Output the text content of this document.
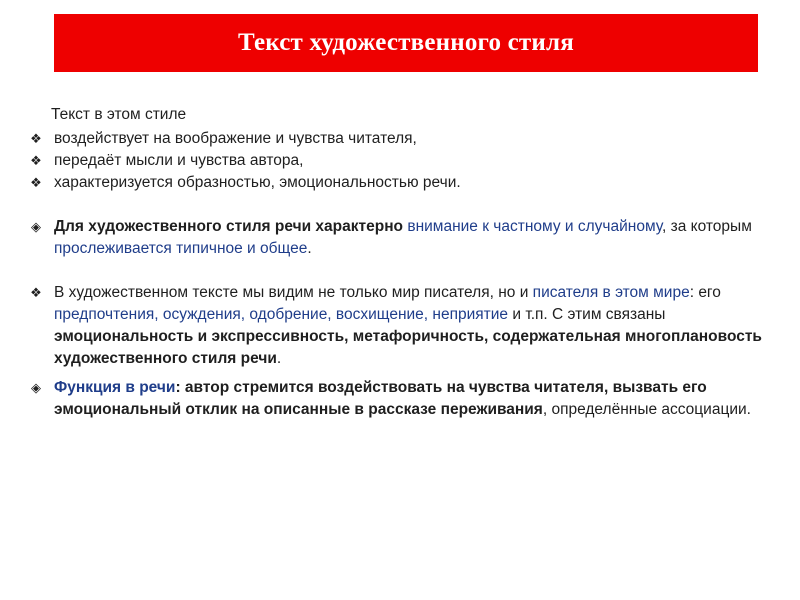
Текст художественного стиля
Текст в этом стиле
❖ воздействует на воображение и чувства читателя,
❖ передаёт мысли и чувства автора,
❖ характеризуется образностью, эмоциональностью речи.
◈ Для художественного стиля речи характерно внимание к частному и случайному, за которым прослеживается типичное и общее.
❖ В художественном тексте мы видим не только мир писателя, но и писателя в этом мире: его предпочтения, осуждения, одобрение, восхищение, неприятие и т.п. С этим связаны эмоциональность и экспрессивность, метафоричность, содержательная многоплановость художественного стиля речи.
◈ Функция в речи: автор стремится воздействовать на чувства читателя, вызвать его эмоциональный отклик на описанные в рассказе переживания, определённые ассоциации.
